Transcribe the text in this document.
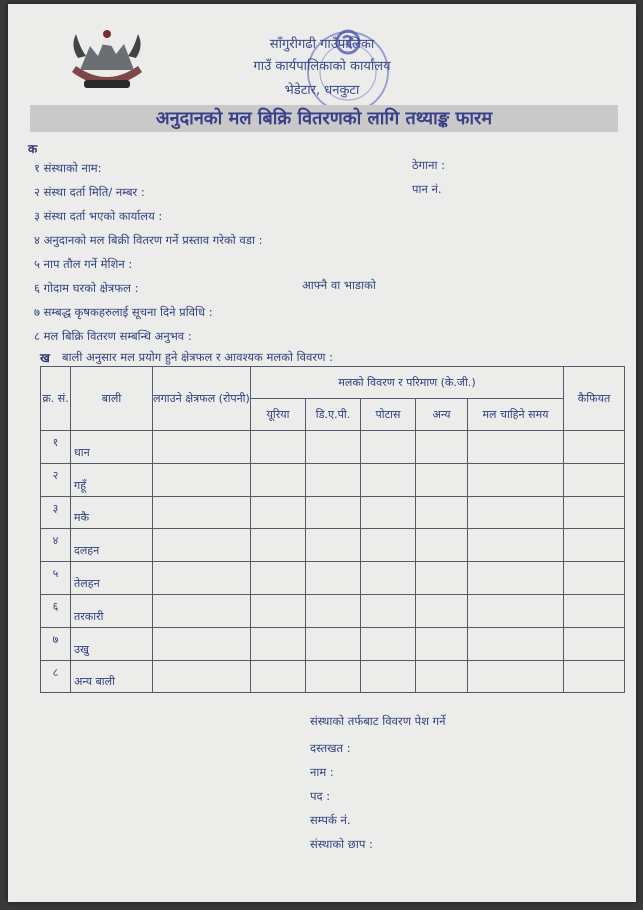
साँगुरीगढी गाउँपालिका
गाउँ कार्यपालिकाको कार्यालय
भेडेटार, धनकुटा
अनुदानको मल बिक्रि वितरणको लागि तथ्याङ्क फारम
क
१ संस्थाको नाम:
२ संस्था दर्ता मिति/ नम्बर :
३ संस्था दर्ता भएको कार्यालय :
४ अनुदानको मल बिक्री वितरण गर्ने प्रस्ताव गरेको वडा :
५ नाप तौल गर्ने मेशिन :
६ गोदाम घरको क्षेत्रफल :
७ सम्बद्ध कृषकहरुलाई सूचना दिने प्रविधि :
८ मल बिक्रि वितरण सम्बन्धि अनुभव :
ठेगाना :
पान नं.
आफ्नै वा भाडाको
ख बाली अनुसार मल प्रयोग हुने क्षेत्रफल र आवश्यक मलको विवरण :
क्र. सं.	बाली	लगाउने क्षेत्रफल (रोपनी)	मलको विवरण र परिमाण (के.जी.)					कैफियत
			यूरिया	डि.ए.पी.	पोटास	अन्य	मल चाहिने समय	
१	धान							
२	गहूँ							
३	मकै							
४	दलहन							
५	तेलहन							
६	तरकारी							
७	उखु							
८	अन्य बाली							
संस्थाको तर्फबाट विवरण पेश गर्ने
दस्तखत :
नाम :
पद :
सम्पर्क नं.
संस्थाको छाप :
